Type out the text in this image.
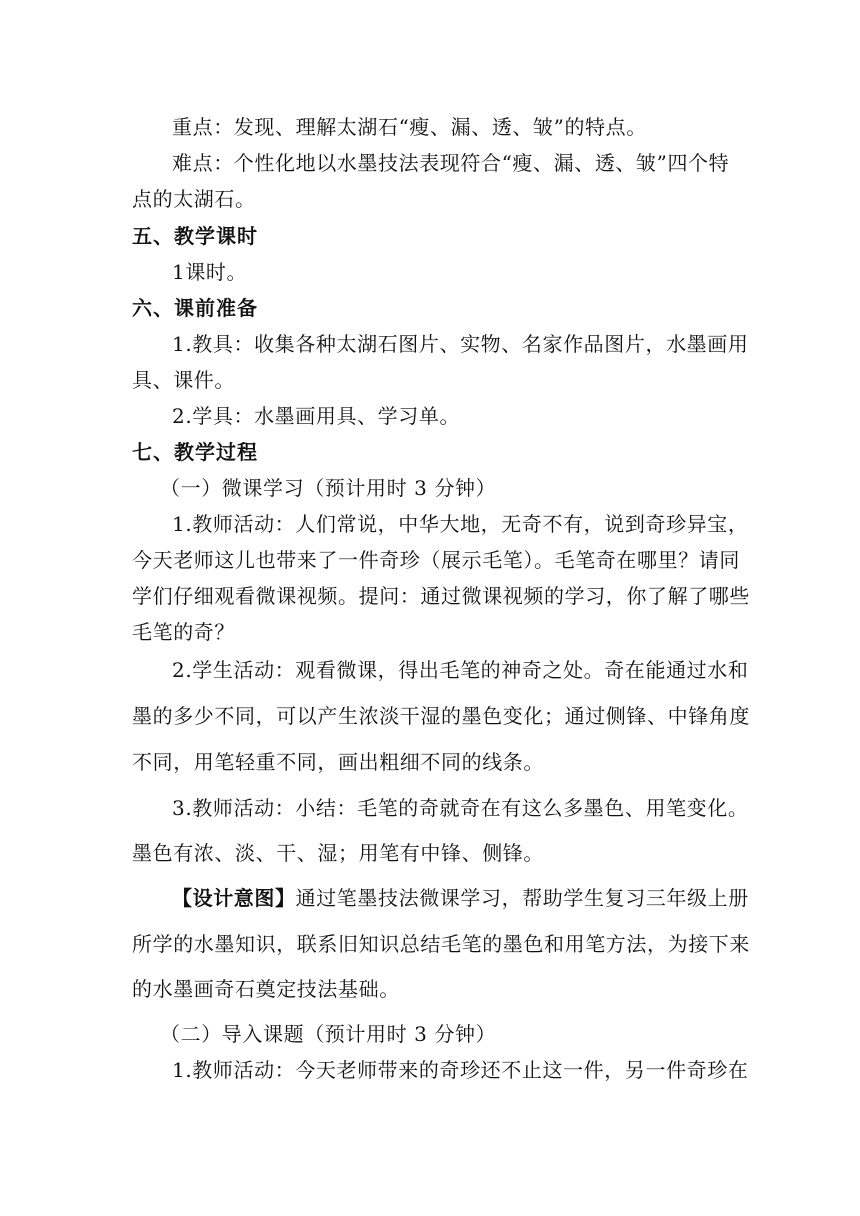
重点：发现、理解太湖石“瘦、漏、透、皱”的特点。
难点：个性化地以水墨技法表现符合“瘦、漏、透、皱”四个特
点的太湖石。
五、教学课时
1课时。
六、课前准备
1.教具：收集各种太湖石图片、实物、名家作品图片，水墨画用
具、课件。
2.学具：水墨画用具、学习单。
七、教学过程
（一）微课学习（预计用时 3 分钟）
1.教师活动：人们常说，中华大地，无奇不有，说到奇珍异宝，
今天老师这儿也带来了一件奇珍（展示毛笔）。毛笔奇在哪里？请同
学们仔细观看微课视频。提问：通过微课视频的学习，你了解了哪些
毛笔的奇？
2.学生活动：观看微课，得出毛笔的神奇之处。奇在能通过水和
墨的多少不同，可以产生浓淡干湿的墨色变化；通过侧锋、中锋角度
不同，用笔轻重不同，画出粗细不同的线条。
3.教师活动：小结：毛笔的奇就奇在有这么多墨色、用笔变化。
墨色有浓、淡、干、湿；用笔有中锋、侧锋。
【设计意图】通过笔墨技法微课学习，帮助学生复习三年级上册
所学的水墨知识，联系旧知识总结毛笔的墨色和用笔方法，为接下来
的水墨画奇石奠定技法基础。
（二）导入课题（预计用时 3 分钟）
1.教师活动：今天老师带来的奇珍还不止这一件，另一件奇珍在
